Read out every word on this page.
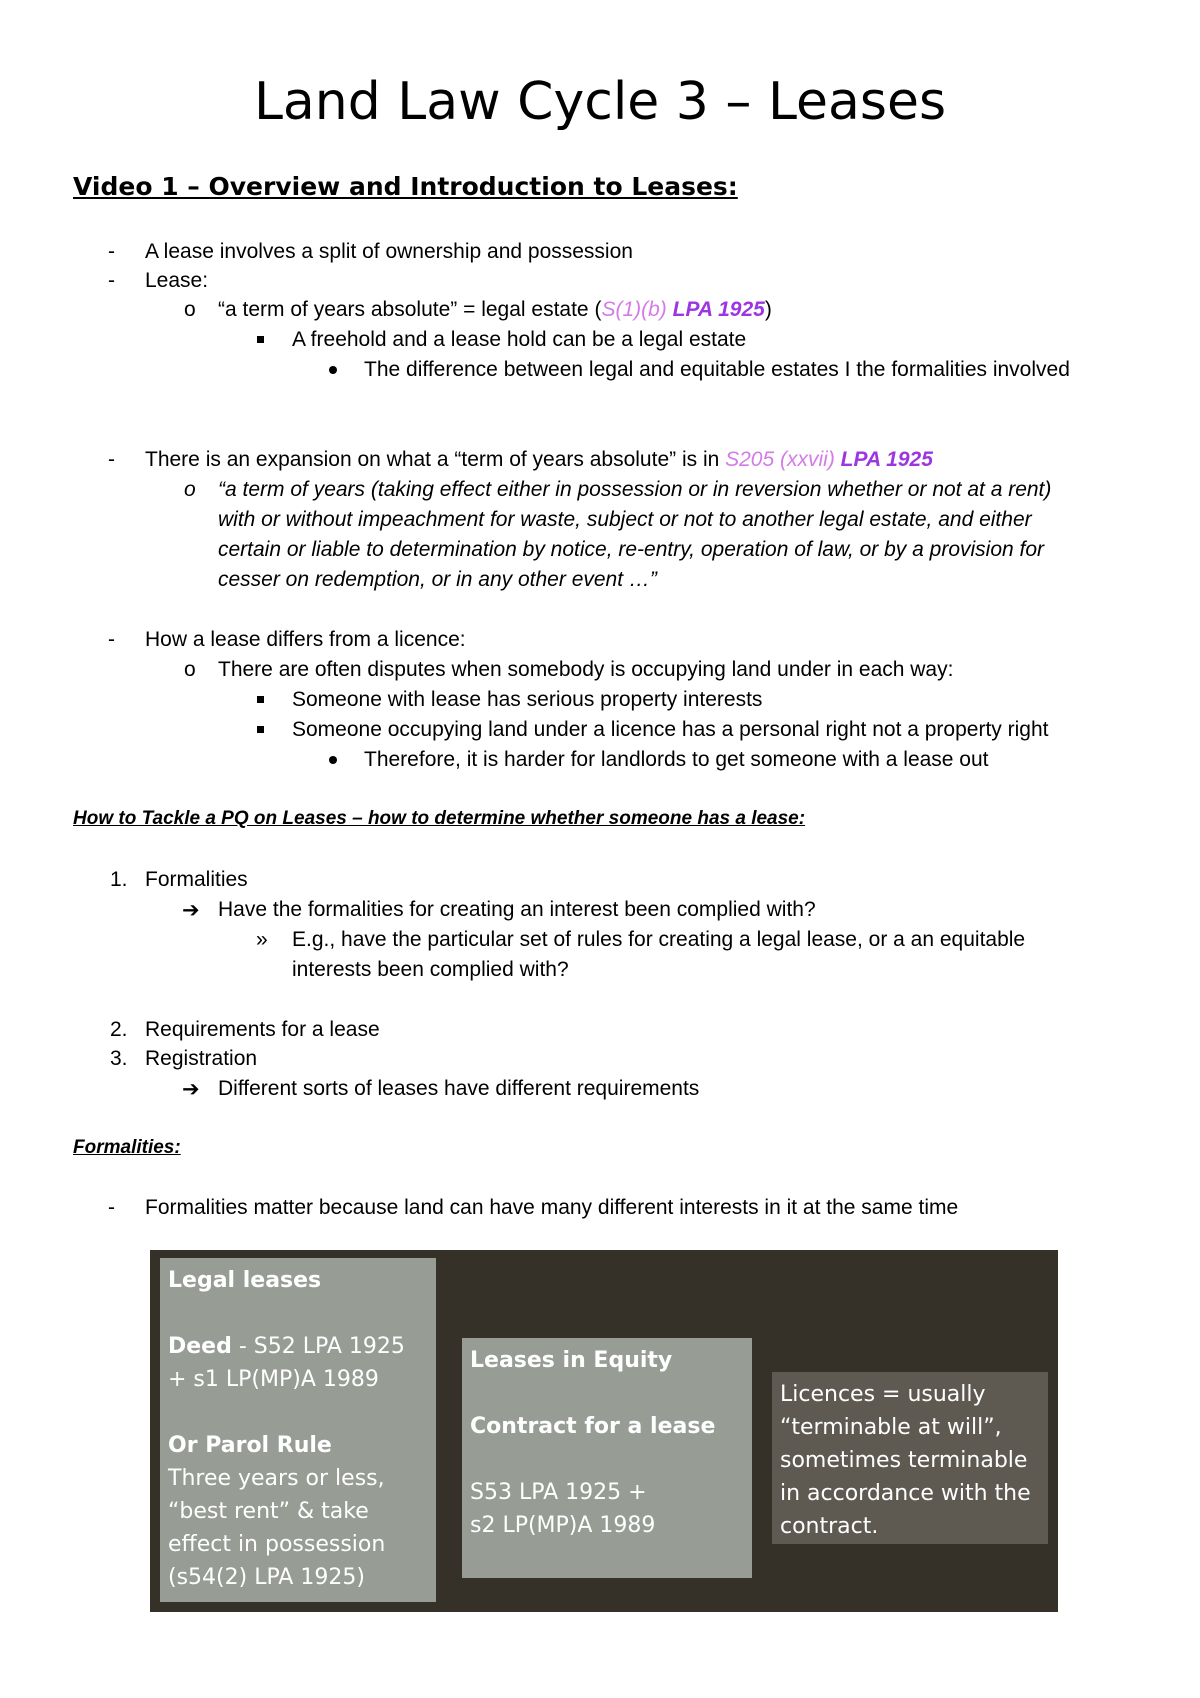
Land Law Cycle 3 – Leases
Video 1 – Overview and Introduction to Leases:
- A lease involves a split of ownership and possession
- Lease:
o “a term of years absolute” = legal estate (S(1)(b) LPA 1925)
A freehold and a lease hold can be a legal estate
The difference between legal and equitable estates I the formalities involved
- There is an expansion on what a “term of years absolute” is in S205 (xxvii) LPA 1925
o “a term of years (taking effect either in possession or in reversion whether or not at a rent)
with or without impeachment for waste, subject or not to another legal estate, and either
certain or liable to determination by notice, re-entry, operation of law, or by a provision for
cesser on redemption, or in any other event …”
- How a lease differs from a licence:
o There are often disputes when somebody is occupying land under in each way:
Someone with lease has serious property interests
Someone occupying land under a licence has a personal right not a property right
Therefore, it is harder for landlords to get someone with a lease out
How to Tackle a PQ on Leases – how to determine whether someone has a lease:
1. Formalities
➔ Have the formalities for creating an interest been complied with?
» E.g., have the particular set of rules for creating a legal lease, or a an equitable
interests been complied with?
2. Requirements for a lease
3. Registration
➔ Different sorts of leases have different requirements
Formalities:
- Formalities matter because land can have many different interests in it at the same time
Legal leases
Deed - S52 LPA 1925
+ s1 LP(MP)A 1989
Or Parol Rule
Three years or less,
“best rent” & take
effect in possession
(s54(2) LPA 1925)
Leases in Equity
Contract for a lease
S53 LPA 1925 +
s2 LP(MP)A 1989
Licences = usually
“terminable at will”,
sometimes terminable
in accordance with the
contract.
